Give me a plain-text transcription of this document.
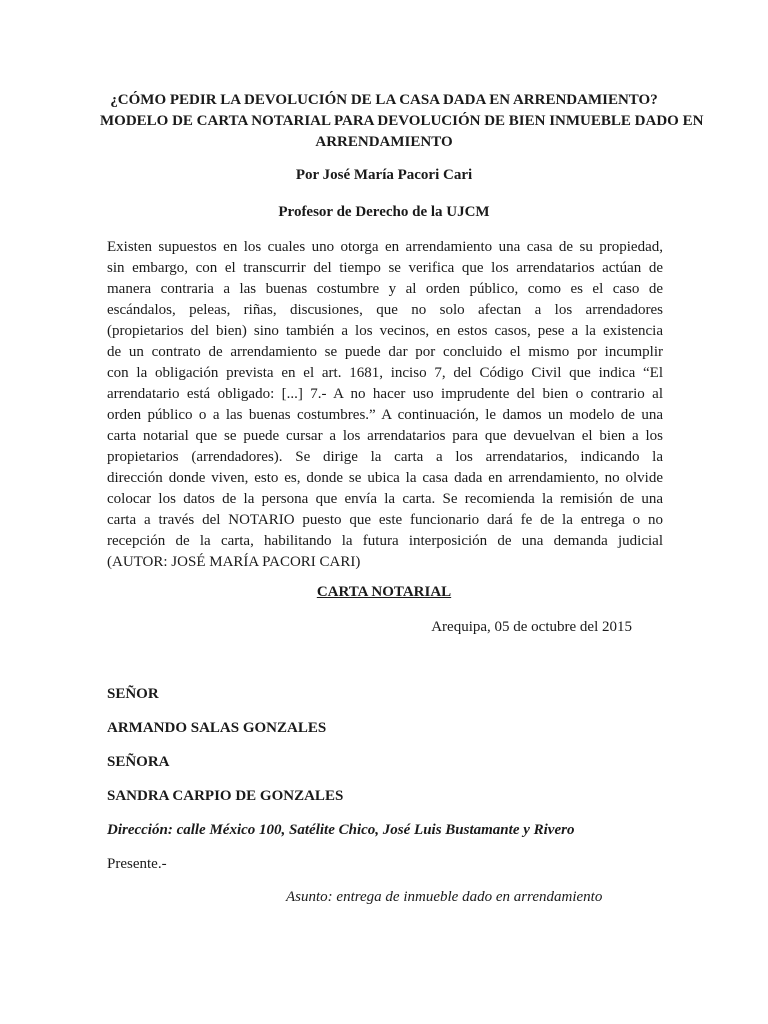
¿CÓMO PEDIR LA DEVOLUCIÓN DE LA CASA DADA EN ARRENDAMIENTO?
MODELO DE CARTA NOTARIAL PARA DEVOLUCIÓN DE BIEN INMUEBLE DADO EN
ARRENDAMIENTO
Por José María Pacori Cari
Profesor de Derecho de la UJCM
Existen supuestos en los cuales uno otorga en arrendamiento una casa de su propiedad,
sin embargo, con el transcurrir del tiempo se verifica que los arrendatarios actúan de
manera contraria a las buenas costumbre y al orden público, como es el caso de
escándalos, peleas, riñas, discusiones, que no solo afectan a los arrendadores
(propietarios del bien) sino también a los vecinos, en estos casos, pese a la existencia
de un contrato de arrendamiento se puede dar por concluido el mismo por incumplir
con la obligación prevista en el art. 1681, inciso 7, del Código Civil que indica “El
arrendatario está obligado: [...] 7.- A no hacer uso imprudente del bien o contrario al
orden público o a las buenas costumbres.” A continuación, le damos un modelo de una
carta notarial que se puede cursar a los arrendatarios para que devuelvan el bien a los
propietarios (arrendadores). Se dirige la carta a los arrendatarios, indicando la
dirección donde viven, esto es, donde se ubica la casa dada en arrendamiento, no olvide
colocar los datos de la persona que envía la carta. Se recomienda la remisión de una
carta a través del NOTARIO puesto que este funcionario dará fe de la entrega o no
recepción de la carta, habilitando la futura interposición de una demanda judicial
(AUTOR: JOSÉ MARÍA PACORI CARI)
CARTA NOTARIAL
Arequipa, 05 de octubre del 2015
SEÑOR
ARMANDO SALAS GONZALES
SEÑORA
SANDRA CARPIO DE GONZALES
Dirección: calle México 100, Satélite Chico, José Luis Bustamante y Rivero
Presente.-
Asunto: entrega de inmueble dado en arrendamiento
